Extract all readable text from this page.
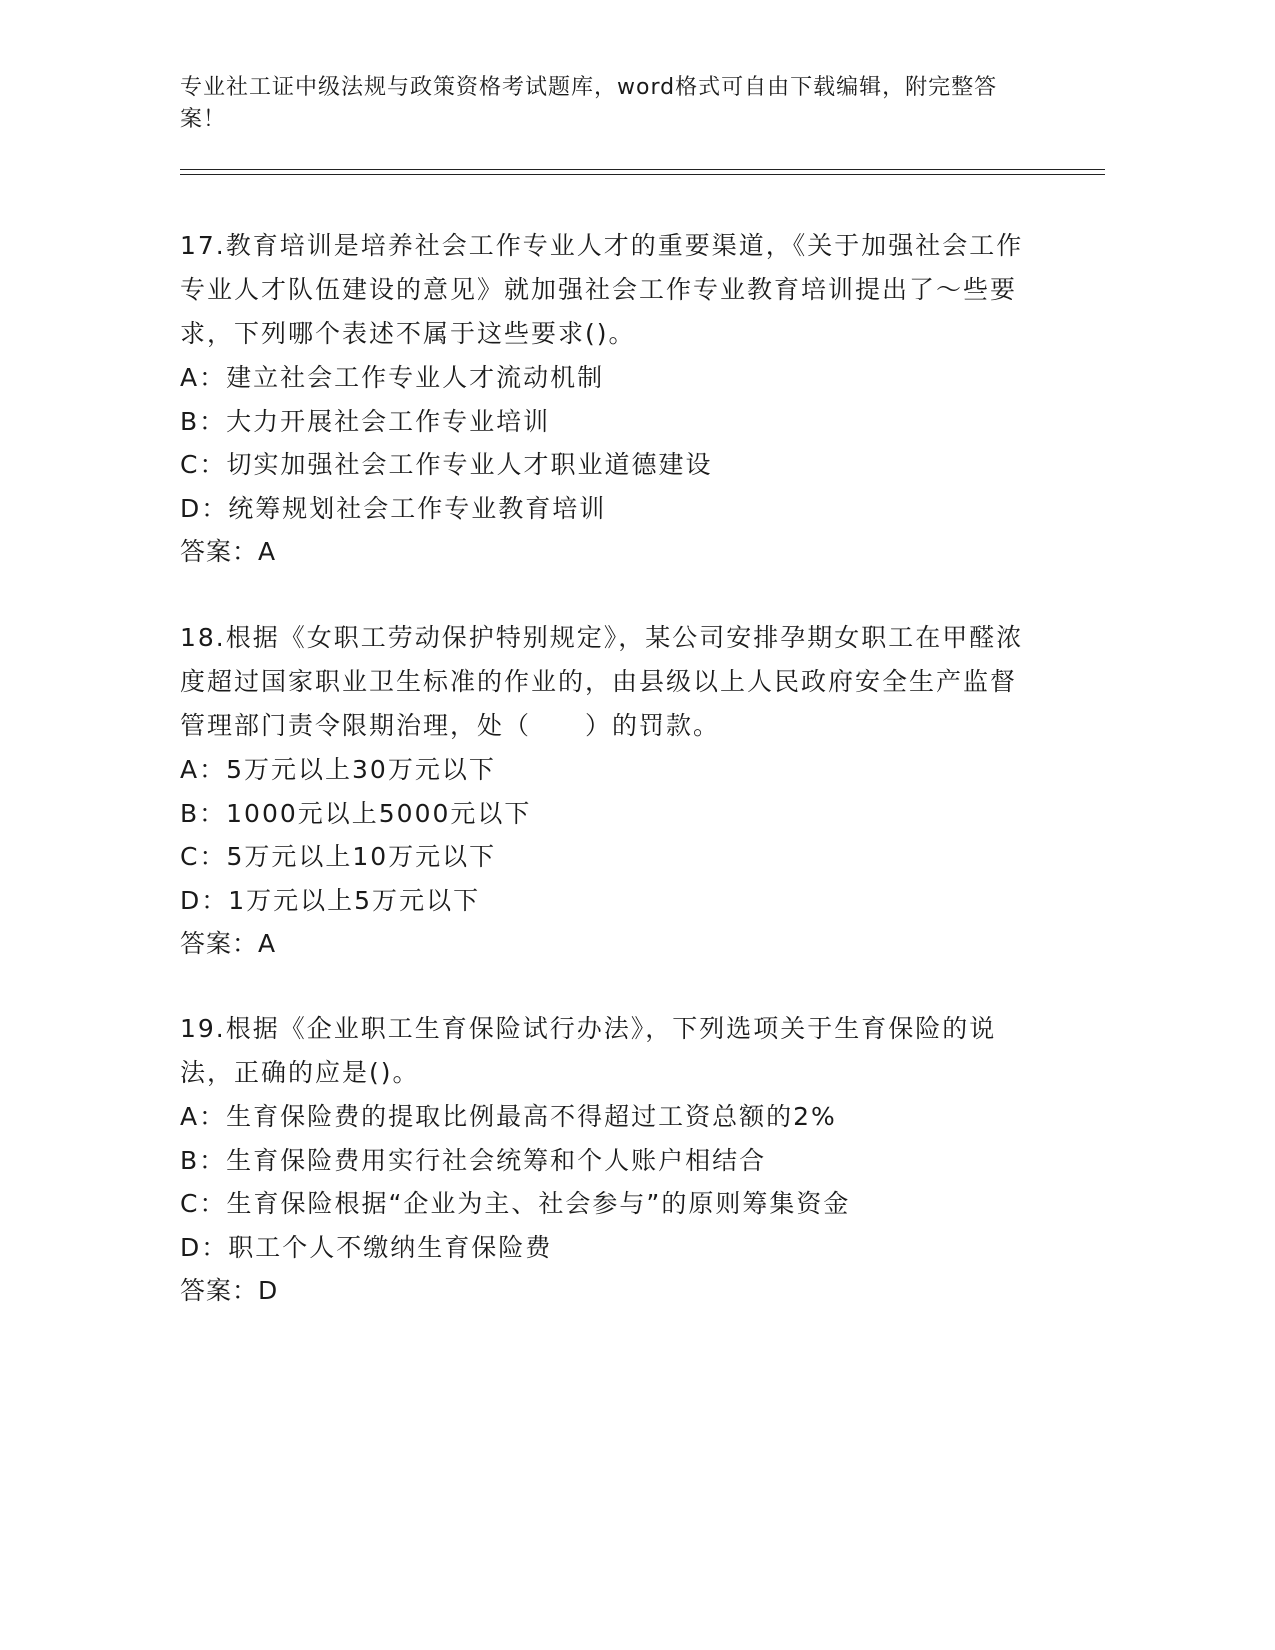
专业社工证中级法规与政策资格考试题库，word格式可自由下载编辑，附完整答案！

17.教育培训是培养社会工作专业人才的重要渠道，《关于加强社会工作专业人才队伍建设的意见》就加强社会工作专业教育培训提出了～些要求，下列哪个表述不属于这些要求()。

A：建立社会工作专业人才流动机制

B：大力开展社会工作专业培训

C：切实加强社会工作专业人才职业道德建设

D：统筹规划社会工作专业教育培训

答案：A

18.根据《女职工劳动保护特别规定》，某公司安排孕期女职工在甲醛浓度超过国家职业卫生标准的作业的，由县级以上人民政府安全生产监督管理部门责令限期治理，处（　　）的罚款。

A：5万元以上30万元以下

B：1000元以上5000元以下

C：5万元以上10万元以下

D：1万元以上5万元以下

答案：A

19.根据《企业职工生育保险试行办法》，下列选项关于生育保险的说法，正确的应是()。

A：生育保险费的提取比例最高不得超过工资总额的2%

B：生育保险费用实行社会统筹和个人账户相结合

C：生育保险根据“企业为主、社会参与”的原则筹集资金

D：职工个人不缴纳生育保险费

答案：D
